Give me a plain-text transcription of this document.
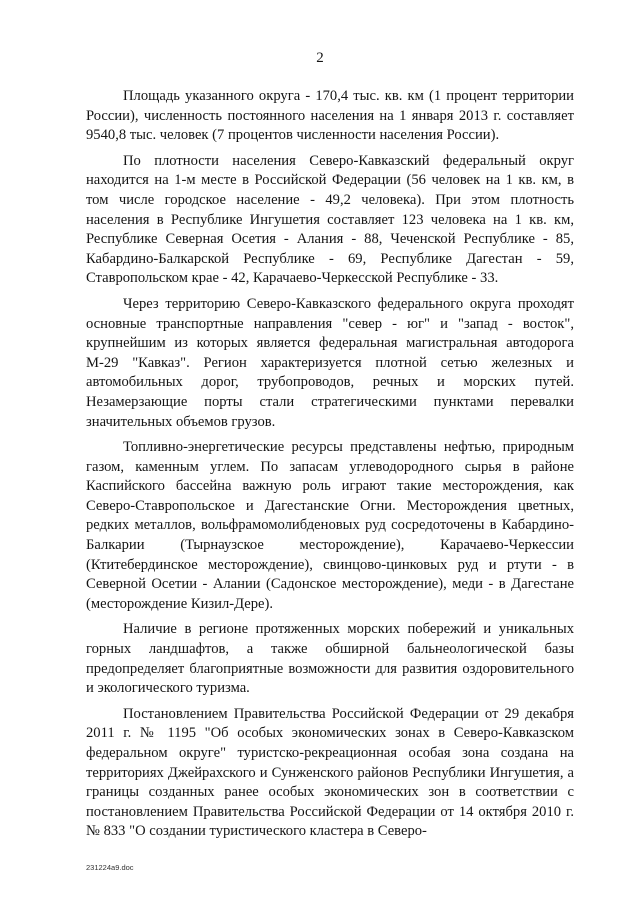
2

Площадь указанного округа - 170,4 тыс. кв. км (1 процент территории России), численность постоянного населения на 1 января 2013 г. составляет 9540,8 тыс. человек (7 процентов численности населения России).

По плотности населения Северо-Кавказский федеральный округ находится на 1-м месте в Российской Федерации (56 человек на 1 кв. км, в том числе городское население - 49,2 человека). При этом плотность населения в Республике Ингушетия составляет 123 человека на 1 кв. км, Республике Северная Осетия - Алания - 88, Чеченской Республике - 85, Кабардино-Балкарской Республике - 69, Республике Дагестан - 59, Ставропольском крае - 42, Карачаево-Черкесской Республике - 33.

Через территорию Северо-Кавказского федерального округа проходят основные транспортные направления "север - юг" и "запад - восток", крупнейшим из которых является федеральная магистральная автодорога М-29 "Кавказ". Регион характеризуется плотной сетью железных и автомобильных дорог, трубопроводов, речных и морских путей. Незамерзающие порты стали стратегическими пунктами перевалки значительных объемов грузов.

Топливно-энергетические ресурсы представлены нефтью, природным газом, каменным углем. По запасам углеводородного сырья в районе Каспийского бассейна важную роль играют такие месторождения, как Северо-Ставропольское и Дагестанские Огни. Месторождения цветных, редких металлов, вольфрамомолибденовых руд сосредоточены в Кабардино-Балкарии (Тырнаузское месторождение), Карачаево-Черкессии (Ктитебердинское месторождение), свинцово-цинковых руд и ртути - в Северной Осетии - Алании (Садонское месторождение), меди - в Дагестане (месторождение Кизил-Дере).

Наличие в регионе протяженных морских побережий и уникальных горных ландшафтов, а также обширной бальнеологической базы предопределяет благоприятные возможности для развития оздоровительного и экологического туризма.

Постановлением Правительства Российской Федерации от 29 декабря 2011 г. № 1195 "Об особых экономических зонах в Северо-Кавказском федеральном округе" туристско-рекреационная особая зона создана на территориях Джейрахского и Сунженского районов Республики Ингушетия, а границы созданных ранее особых экономических зон в соответствии с постановлением Правительства Российской Федерации от 14 октября 2010 г. № 833 "О создании туристического кластера в Северо-

231224a9.doc
